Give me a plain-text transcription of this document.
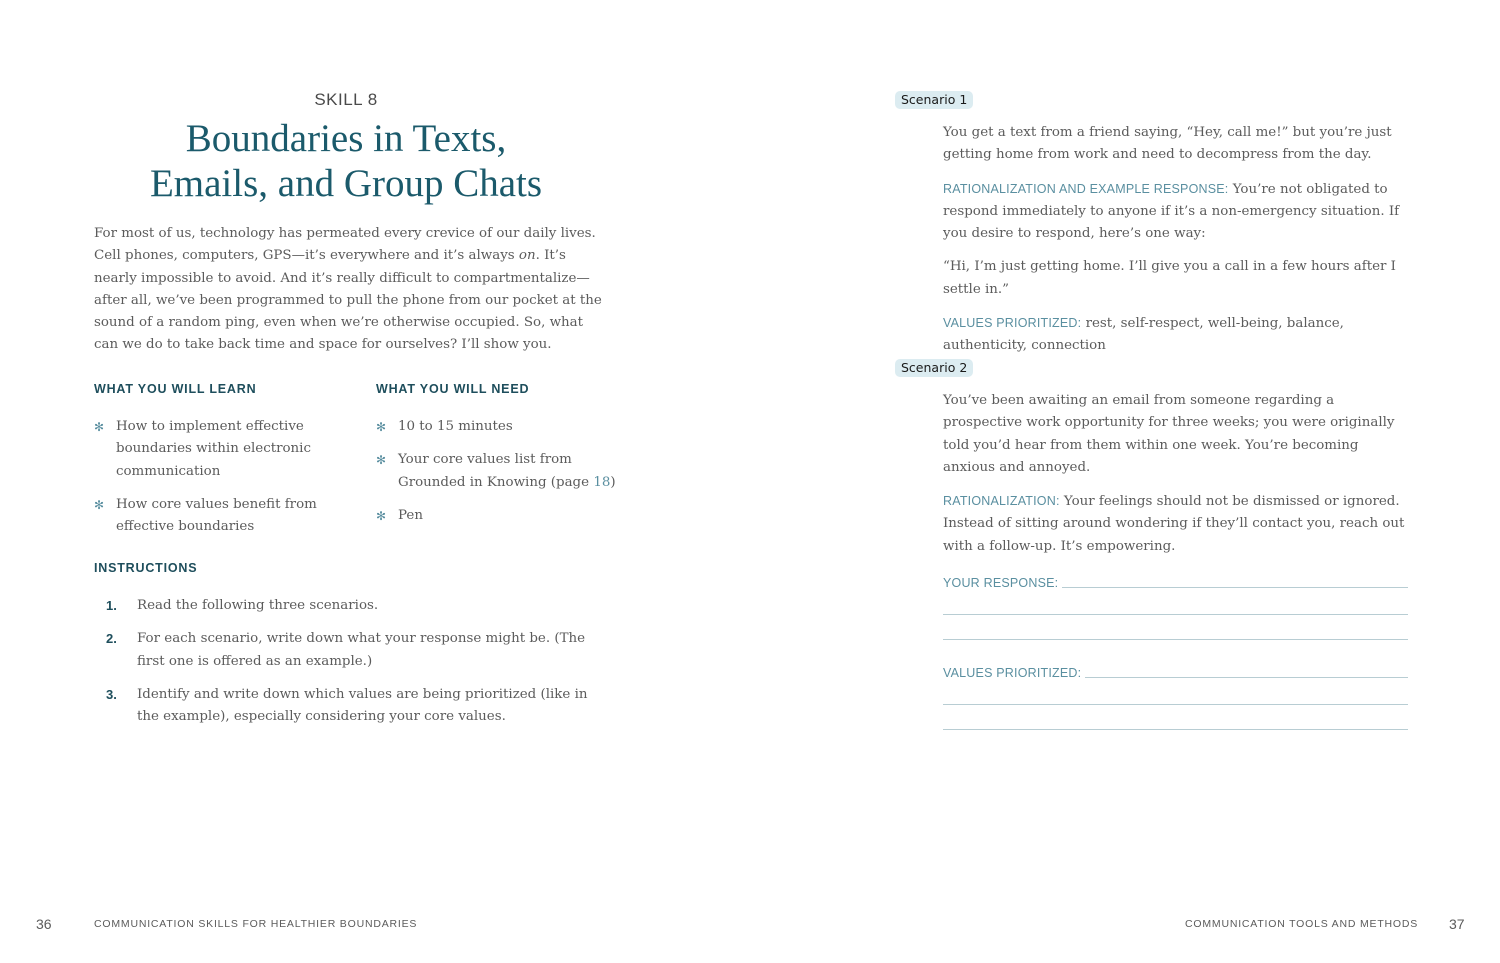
SKILL 8
Boundaries in Texts,
Emails, and Group Chats

For most of us, technology has permeated every crevice of our daily lives. Cell phones, computers, GPS—it’s everywhere and it’s always on. It’s nearly impossible to avoid. And it’s really difficult to compartmentalize—after all, we’ve been programmed to pull the phone from our pocket at the sound of a random ping, even when we’re otherwise occupied. So, what can we do to take back time and space for ourselves? I’ll show you.

WHAT YOU WILL LEARN
✻ How to implement effective boundaries within electronic communication
✻ How core values benefit from effective boundaries
WHAT YOU WILL NEED
✻ 10 to 15 minutes
✻ Your core values list from Grounded in Knowing (page 18)
✻ Pen
INSTRUCTIONS
1. Read the following three scenarios.
2. For each scenario, write down what your response might be. (The first one is offered as an example.)
3. Identify and write down which values are being prioritized (like in the example), especially considering your core values.
36	COMMUNICATION SKILLS FOR HEALTHIER BOUNDARIES
Scenario 1

You get a text from a friend saying, “Hey, call me!” but you’re just getting home from work and need to decompress from the day.

RATIONALIZATION AND EXAMPLE RESPONSE: You’re not obligated to respond immediately to anyone if it’s a non-emergency situation. If you desire to respond, here’s one way:

“Hi, I’m just getting home. I’ll give you a call in a few hours after I settle in.”

VALUES PRIORITIZED: rest, self-respect, well-being, balance, authenticity, connection

Scenario 2

You’ve been awaiting an email from someone regarding a prospective work opportunity for three weeks; you were originally told you’d hear from them within one week. You’re becoming anxious and annoyed.

RATIONALIZATION: Your feelings should not be dismissed or ignored. Instead of sitting around wondering if they’ll contact you, reach out with a follow-up. It’s empowering.

YOUR RESPONSE:
VALUES PRIORITIZED:
COMMUNICATION TOOLS AND METHODS 37
